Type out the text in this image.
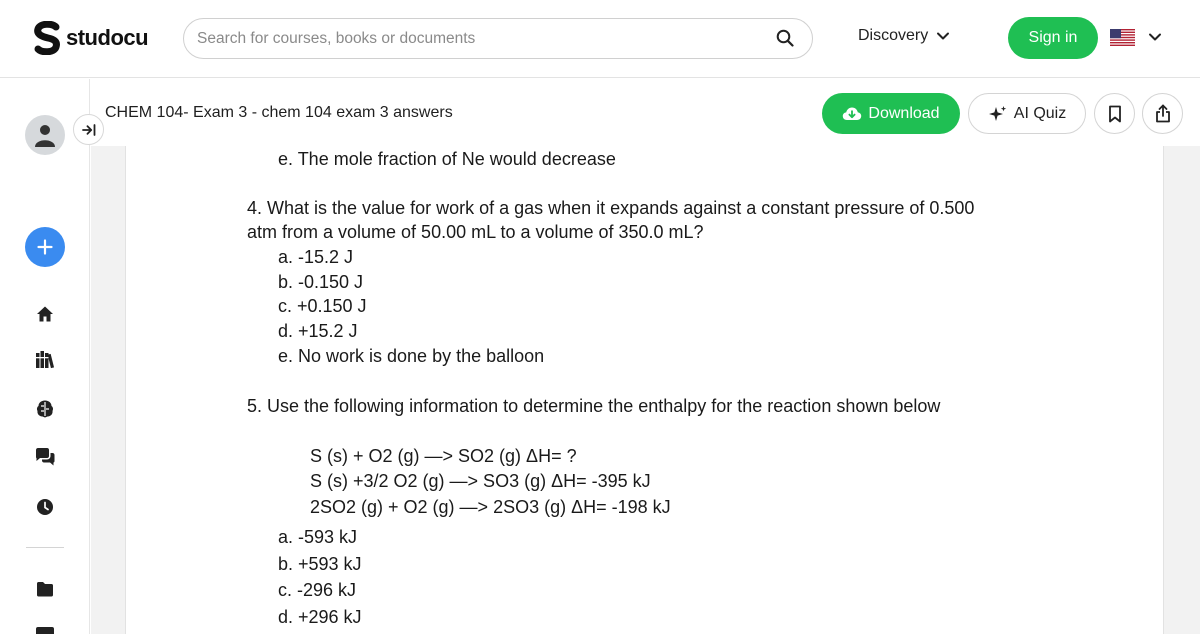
studocu
Search for courses, books or documents	Discovery	Sign in
CHEM 104- Exam 3 - chem 104 exam 3 answers	Download	AI Quiz
e. The mole fraction of Ne would decrease
4. What is the value for work of a gas when it expands against a constant pressure of 0.500
atm from a volume of 50.00 mL to a volume of 350.0 mL?
a. -15.2 J
b. -0.150 J
c. +0.150 J
d. +15.2 J
e. No work is done by the balloon
5. Use the following information to determine the enthalpy for the reaction shown below
S (s) + O2 (g) —> SO2 (g) ΔH= ?
S (s) +3/2 O2 (g) —> SO3 (g) ΔH= -395 kJ
2SO2 (g) + O2 (g) —> 2SO3 (g) ΔH= -198 kJ
a. -593 kJ
b. +593 kJ
c. -296 kJ
d. +296 kJ
